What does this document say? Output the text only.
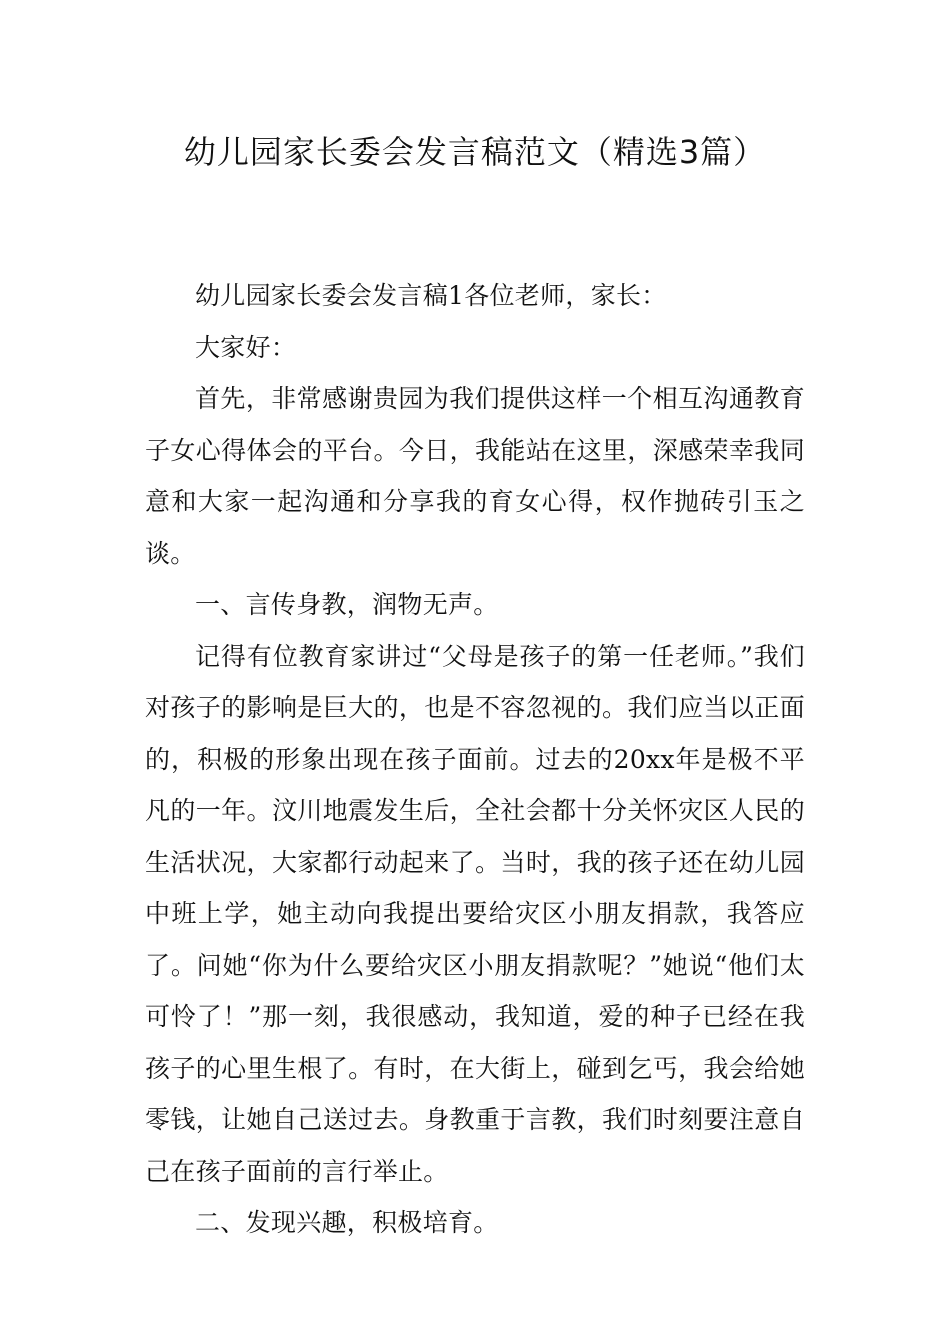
幼儿园家长委会发言稿范文（精选3篇）

幼儿园家长委会发言稿1各位老师，家长：

大家好：

首先，非常感谢贵园为我们提供这样一个相互沟通教育子女心得体会的平台。今日，我能站在这里，深感荣幸我同意和大家一起沟通和分享我的育女心得，权作抛砖引玉之谈。

一、言传身教，润物无声。

记得有位教育家讲过“父母是孩子的第一任老师。”我们对孩子的影响是巨大的，也是不容忽视的。我们应当以正面的，积极的形象出现在孩子面前。过去的20xx年是极不平凡的一年。汶川地震发生后，全社会都十分关怀灾区人民的生活状况，大家都行动起来了。当时，我的孩子还在幼儿园中班上学，她主动向我提出要给灾区小朋友捐款，我答应了。问她“你为什么要给灾区小朋友捐款呢？”她说“他们太可怜了！”那一刻，我很感动，我知道，爱的种子已经在我孩子的心里生根了。有时，在大街上，碰到乞丐，我会给她零钱，让她自己送过去。身教重于言教，我们时刻要注意自己在孩子面前的言行举止。

二、发现兴趣，积极培育。
